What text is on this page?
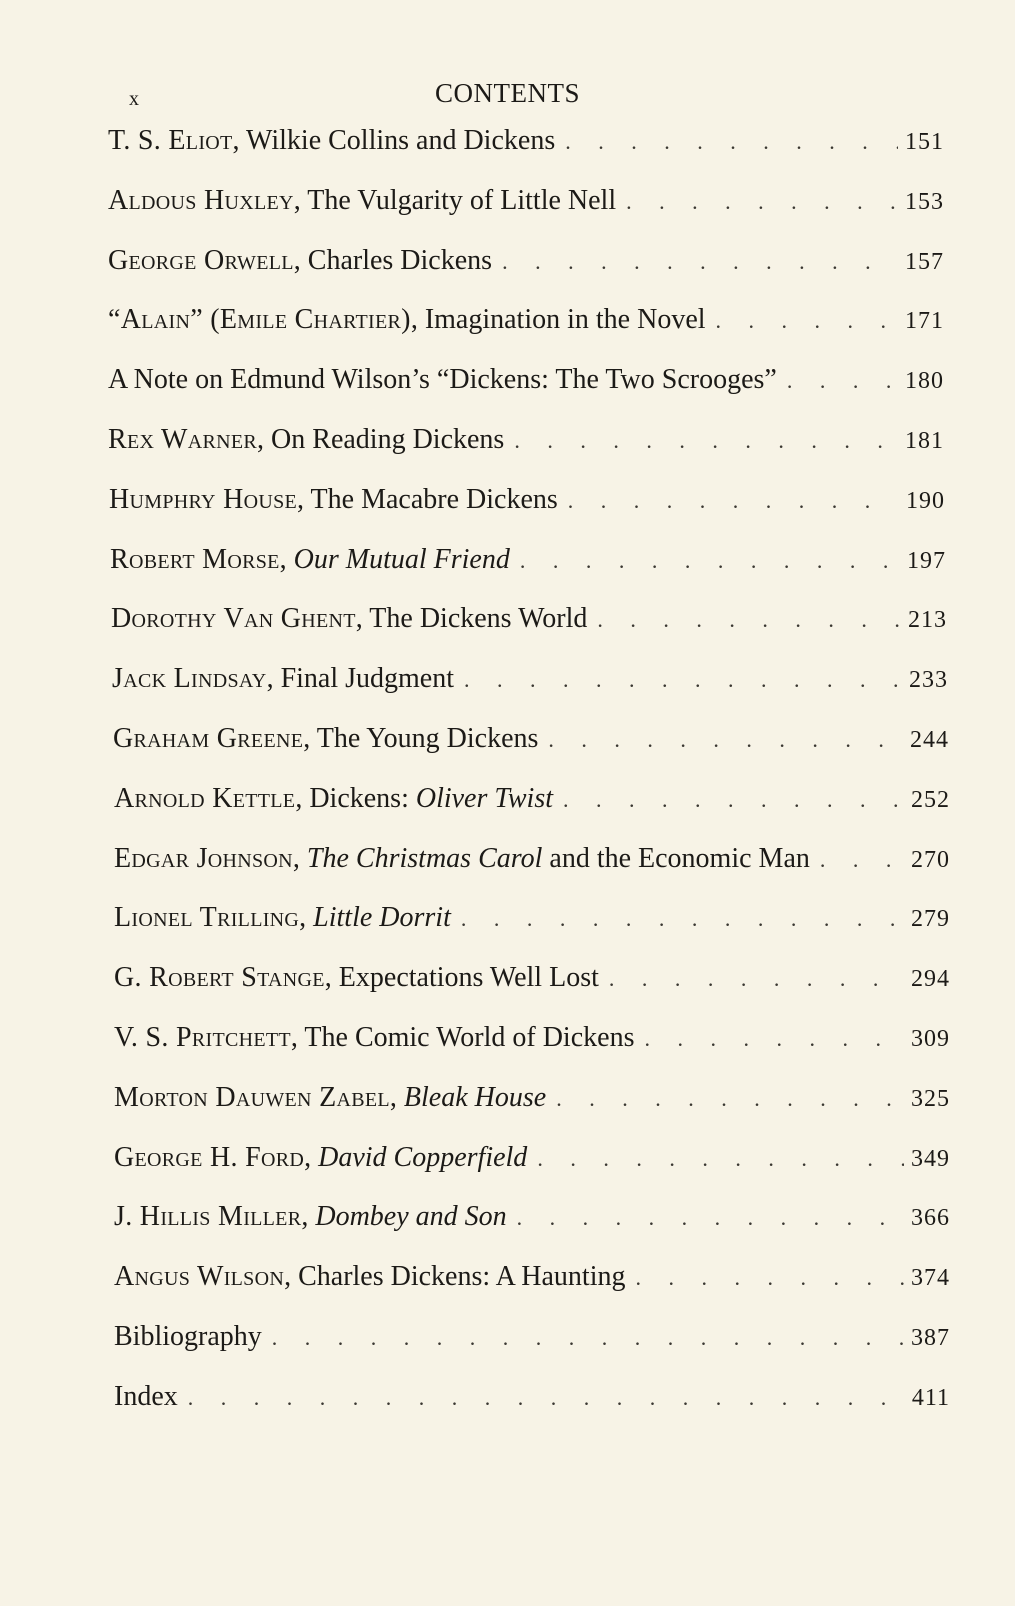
x	CONTENTS
T. S. Eliot, Wilkie Collins and Dickens . . .	151
Aldous Huxley, The Vulgarity of Little Nell . . .	153
George Orwell, Charles Dickens . . .	157
“Alain” (Emile Chartier), Imagination in the Novel . . .	171
A Note on Edmund Wilson’s “Dickens: The Two Scrooges” . . .	180
Rex Warner, On Reading Dickens . . .	181
Humphry House, The Macabre Dickens . . .	190
Robert Morse, Our Mutual Friend . . .	197
Dorothy Van Ghent, The Dickens World . . .	213
Jack Lindsay, Final Judgment . . .	233
Graham Greene, The Young Dickens . . .	244
Arnold Kettle, Dickens: Oliver Twist . . .	252
Edgar Johnson, The Christmas Carol and the Economic Man . . .	270
Lionel Trilling, Little Dorrit . . .	279
G. Robert Stange, Expectations Well Lost . . .	294
V. S. Pritchett, The Comic World of Dickens . . .	309
Morton Dauwen Zabel, Bleak House . . .	325
George H. Ford, David Copperfield . . .	349
J. Hillis Miller, Dombey and Son . . .	366
Angus Wilson, Charles Dickens: A Haunting . . .	374
Bibliography . . .	387
Index . . .	411
